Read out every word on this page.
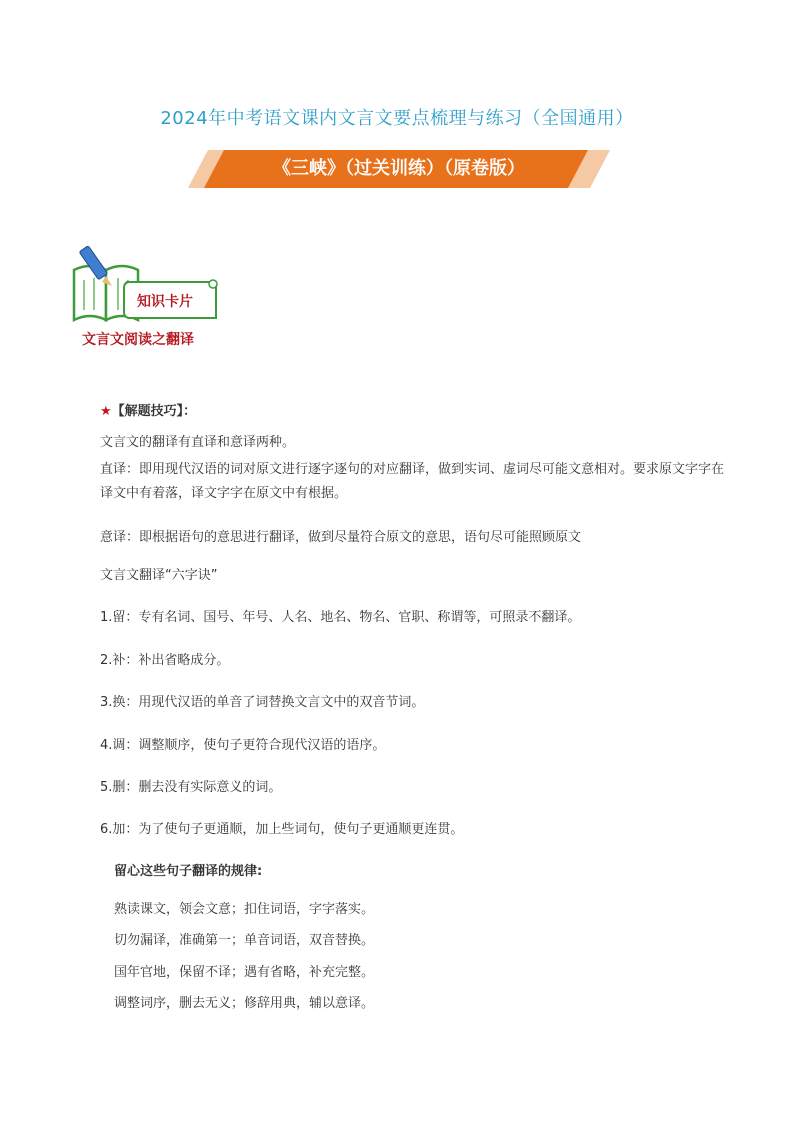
2024年中考语文课内文言文要点梳理与练习（全国通用）
《三峡》（过关训练）（原卷版）
知识卡片
文言文阅读之翻译
★【解题技巧】：
文言文的翻译有直译和意译两种。
直译：即用现代汉语的词对原文进行逐字逐句的对应翻译，做到实词、虚词尽可能文意相对。要求原文字字在译文中有着落，译文字字在原文中有根据。
意译：即根据语句的意思进行翻译，做到尽量符合原文的意思，语句尽可能照顾原文
文言文翻译“六字诀”
1.留：专有名词、国号、年号、人名、地名、物名、官职、称谓等，可照录不翻译。
2.补：补出省略成分。
3.换：用现代汉语的单音了词替换文言文中的双音节词。
4.调：调整顺序，使句子更符合现代汉语的语序。
5.删：删去没有实际意义的词。
6.加：为了使句子更通顺，加上些词句，使句子更通顺更连贯。
留心这些句子翻译的规律:
熟读课文，领会文意；扣住词语，字字落实。
切勿漏译，准确第一；单音词语，双音替换。
国年官地，保留不译；遇有省略，补充完整。
调整词序，删去无义；修辞用典，辅以意译。
